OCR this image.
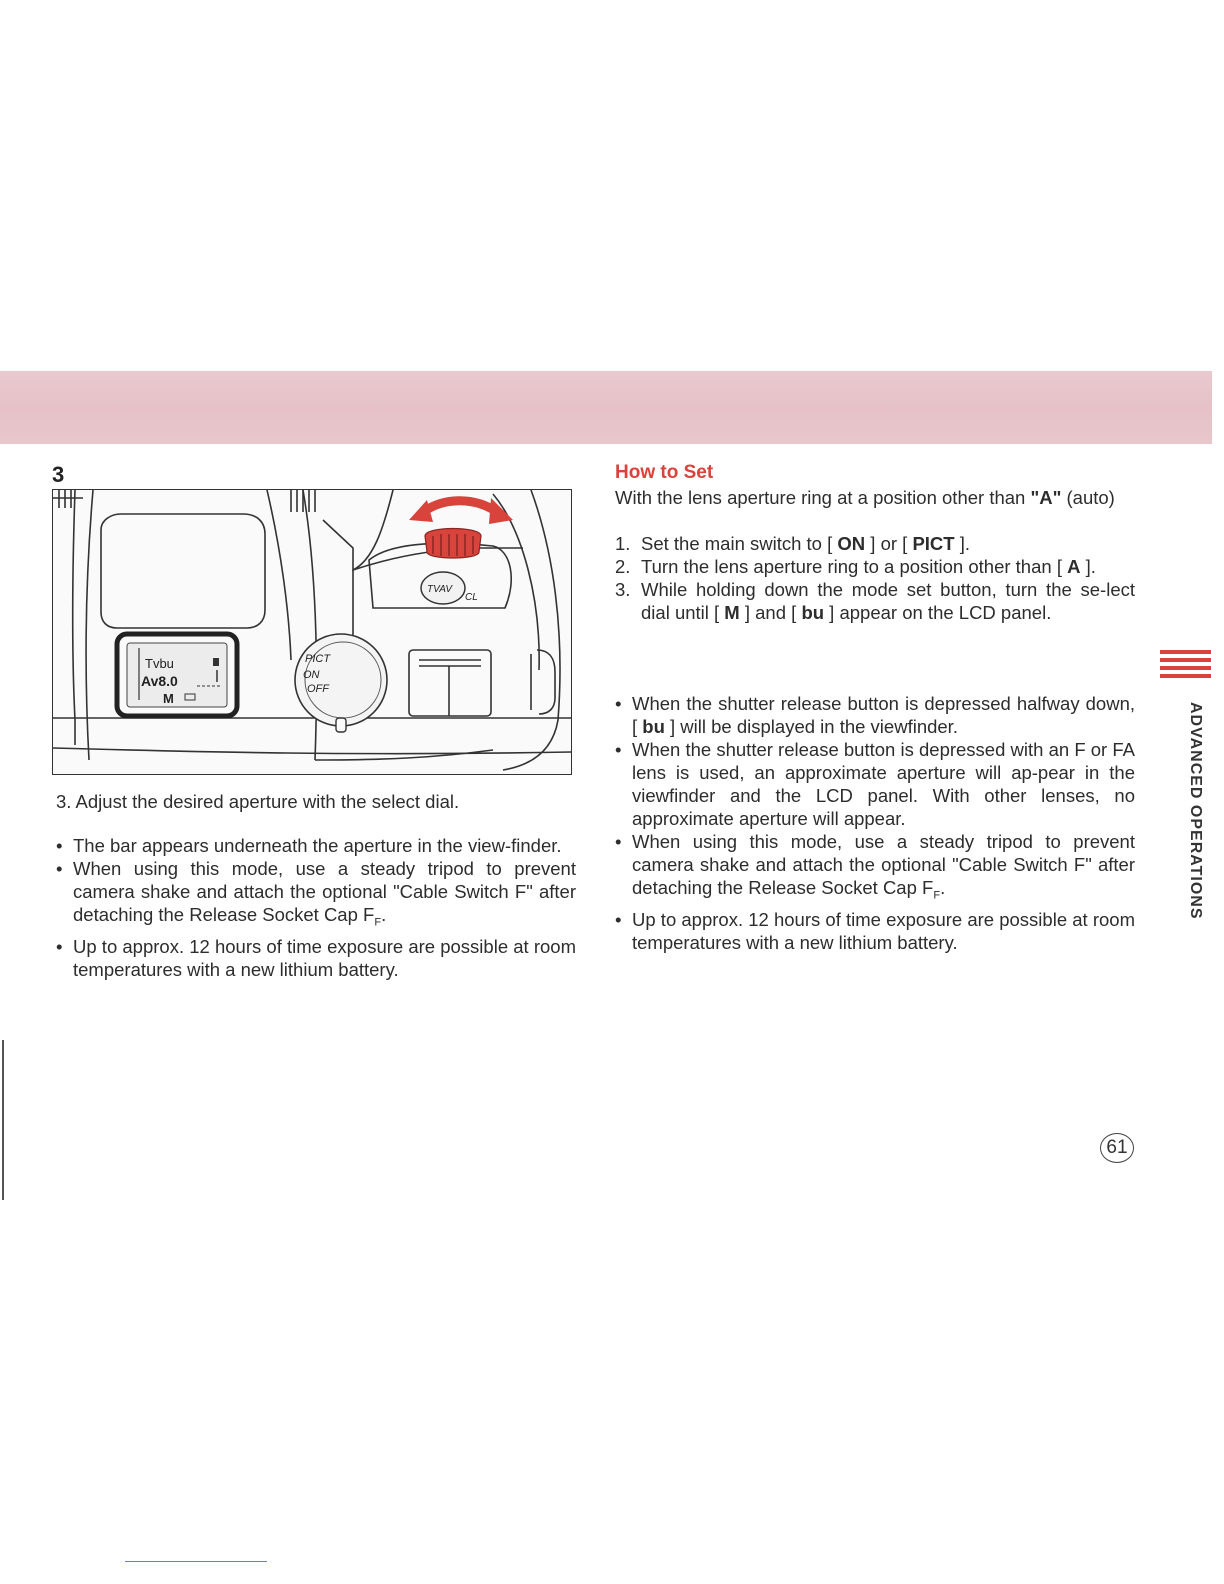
3
Tvbu
Av8.0
M
PICT
ON
OFF
TVAV
CL
3. Adjust the desired aperture with the select dial.
• The bar appears underneath the aperture in the view-finder.
• When using this mode, use a steady tripod to prevent camera shake and attach the optional "Cable Switch F" after detaching the Release Socket Cap $F_F$.
• Up to approx. 12 hours of time exposure are possible at room temperatures with a new lithium battery.
How to Set
With the lens aperture ring at a position other than "A" (auto)
1. Set the main switch to [ ON ] or [ PICT ].
2. Turn the lens aperture ring to a position other than [ A ].
3. While holding down the mode set button, turn the se-lect dial until [ M ] and [ bu ] appear on the LCD panel.
• When the shutter release button is depressed halfway down, [ bu ] will be displayed in the viewfinder.
• When the shutter release button is depressed with an F or FA lens is used, an approximate aperture will ap-pear in the viewfinder and the LCD panel. With other lenses, no approximate aperture will appear.
• When using this mode, use a steady tripod to prevent camera shake and attach the optional "Cable Switch F" after detaching the Release Socket Cap $F_F$.
• Up to approx. 12 hours of time exposure are possible at room temperatures with a new lithium battery.
ADVANCED OPERATIONS
61
